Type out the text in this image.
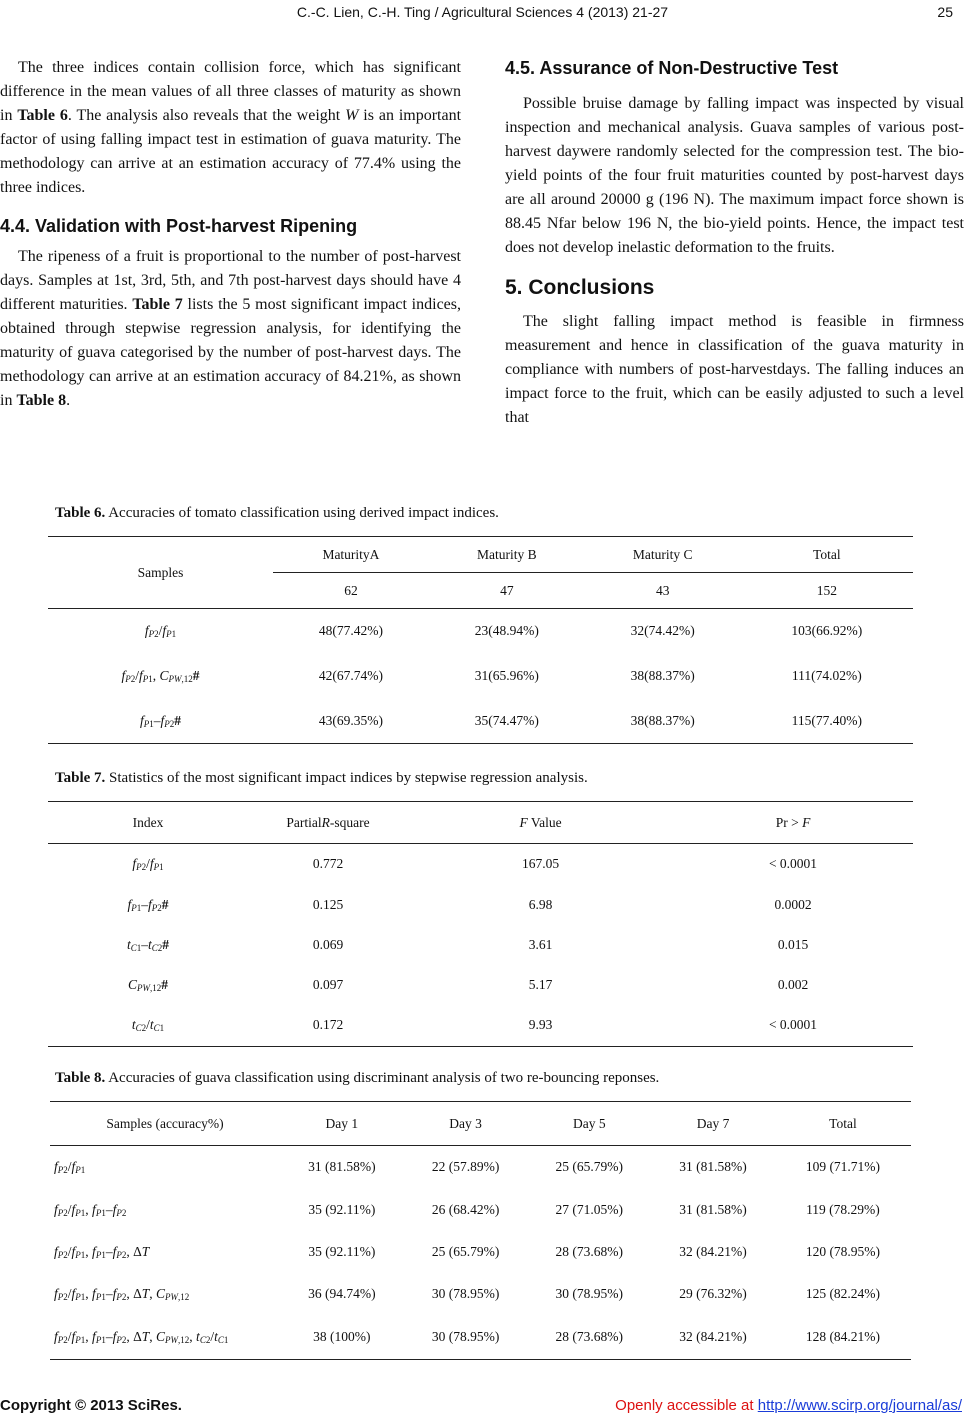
C.-C. Lien, C.-H. Ting / Agricultural Sciences 4 (2013) 21-27	25

The three indices contain collision force, which has significant difference in the mean values of all three classes of maturity as shown in Table 6. The analysis also reveals that the weight W is an important factor of using falling impact test in estimation of guava maturity. The methodology can arrive at an estimation accuracy of 77.4% using the three indices.

4.4. Validation with Post-harvest Ripening

The ripeness of a fruit is proportional to the number of post-harvest days. Samples at 1st, 3rd, 5th, and 7th post-harvest days should have 4 different maturities. Table 7 lists the 5 most significant impact indices, obtained through stepwise regression analysis, for identifying the maturity of guava categorised by the number of post-harvest days. The methodology can arrive at an estimation accuracy of 84.21%, as shown in Table 8.

4.5. Assurance of Non-Destructive Test

Possible bruise damage by falling impact was inspected by visual inspection and mechanical analysis. Guava samples of various post-harvest daywere randomly selected for the compression test. The bio-yield points of the four fruit maturities counted by post-harvest days are all around 20000 g (196 N). The maximum impact force shown is 88.45 Nfar below 196 N, the bio-yield points. Hence, the impact test does not develop inelastic deformation to the fruits.

5. Conclusions

The slight falling impact method is feasible in firmness measurement and hence in classification of the guava maturity in compliance with numbers of post-harvestdays. The falling induces an impact force to the fruit, which can be easily adjusted to such a level that

Table 6. Accuracies of tomato classification using derived impact indices.
Samples	MaturityA	Maturity B	Maturity C	Total
	62	47	43	152
$f_{P2}/f_{P1}$	48(77.42%)	23(48.94%)	32(74.42%)	103(66.92%)
$f_{P2}/f_{P1}$, $C_{PW,12}\#$	42(67.74%)	31(65.96%)	38(88.37%)	111(74.02%)
$f_{P1}-f_{P2}\#$	43(69.35%)	35(74.47%)	38(88.37%)	115(77.40%)
Table 7. Statistics of the most significant impact indices by stepwise regression analysis.
Index	PartialR-square	F Value	Pr > F
$f_{P2}/f_{P1}$	0.772	167.05	< 0.0001
$f_{P1}-f_{P2}\#$	0.125	6.98	0.0002
$t_{C1}-t_{C2}\#$	0.069	3.61	0.015
$C_{PW,12}\#$	0.097	5.17	0.002
$t_{C2}/t_{C1}$	0.172	9.93	< 0.0001
Table 8. Accuracies of guava classification using discriminant analysis of two re-bouncing reponses.
Samples (accuracy%)	Day 1	Day 3	Day 5	Day 7	Total
$f_{P2}/f_{P1}$	31 (81.58%)	22 (57.89%)	25 (65.79%)	31 (81.58%)	109 (71.71%)
$f_{P2}/f_{P1}$, $f_{P1}-f_{P2}$	35 (92.11%)	26 (68.42%)	27 (71.05%)	31 (81.58%)	119 (78.29%)
$f_{P2}/f_{P1}$, $f_{P1}-f_{P2}$, ΔT	35 (92.11%)	25 (65.79%)	28 (73.68%)	32 (84.21%)	120 (78.95%)
$f_{P2}/f_{P1}$, $f_{P1}-f_{P2}$, ΔT, $C_{PW,12}$	36 (94.74%)	30 (78.95%)	30 (78.95%)	29 (76.32%)	125 (82.24%)
$f_{P2}/f_{P1}$, $f_{P1}-f_{P2}$, ΔT, $C_{PW,12}$, $t_{C2}/t_{C1}$	38 (100%)	30 (78.95%)	28 (73.68%)	32 (84.21%)	128 (84.21%)
Copyright © 2013 SciRes.	Openly accessible at http://www.scirp.org/journal/as/
